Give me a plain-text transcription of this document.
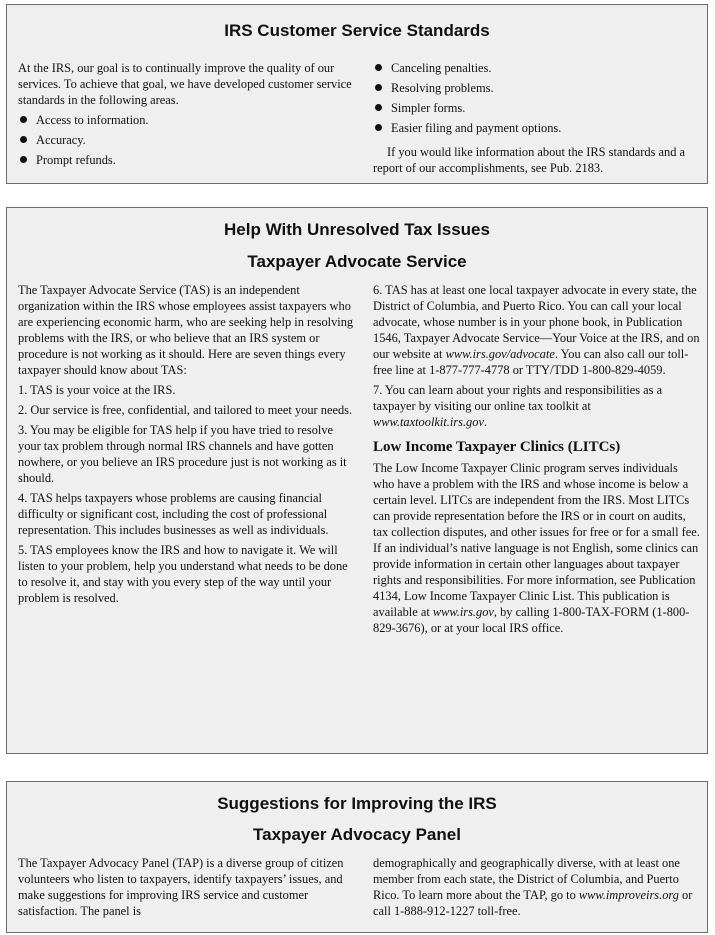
IRS Customer Service Standards

At the IRS, our goal is to continually improve the quality of our services. To achieve that goal, we have developed customer service standards in the following areas.

Access to information.
Accuracy.
Prompt refunds.
Canceling penalties.
Resolving problems.
Simpler forms.
Easier filing and payment options.

If you would like information about the IRS standards and a report of our accomplishments, see Pub. 2183.

Help With Unresolved Tax Issues
Taxpayer Advocate Service

The Taxpayer Advocate Service (TAS) is an independent organization within the IRS whose employees assist taxpayers who are experiencing economic harm, who are seeking help in resolving problems with the IRS, or who believe that an IRS system or procedure is not working as it should. Here are seven things every taxpayer should know about TAS:

1. TAS is your voice at the IRS.

2. Our service is free, confidential, and tailored to meet your needs.

3. You may be eligible for TAS help if you have tried to resolve your tax problem through normal IRS channels and have gotten nowhere, or you believe an IRS procedure just is not working as it should.

4. TAS helps taxpayers whose problems are causing financial difficulty or significant cost, including the cost of professional representation. This includes businesses as well as individuals.

5. TAS employees know the IRS and how to navigate it. We will listen to your problem, help you understand what needs to be done to resolve it, and stay with you every step of the way until your problem is resolved.

6. TAS has at least one local taxpayer advocate in every state, the District of Columbia, and Puerto Rico. You can call your local advocate, whose number is in your phone book, in Publication 1546, Taxpayer Advocate Service—Your Voice at the IRS, and on our website at www.irs.gov/advocate. You can also call our toll-free line at 1-877-777-4778 or TTY/TDD 1-800-829-4059.

7. You can learn about your rights and responsibilities as a taxpayer by visiting our online tax toolkit at www.taxtoolkit.irs.gov.

Low Income Taxpayer Clinics (LITCs)

The Low Income Taxpayer Clinic program serves individuals who have a problem with the IRS and whose income is below a certain level. LITCs are independent from the IRS. Most LITCs can provide representation before the IRS or in court on audits, tax collection disputes, and other issues for free or for a small fee. If an individual’s native language is not English, some clinics can provide information in certain other languages about taxpayer rights and responsibilities. For more information, see Publication 4134, Low Income Taxpayer Clinic List. This publication is available at www.irs.gov, by calling 1-800-TAX-FORM (1-800-829-3676), or at your local IRS office.

Suggestions for Improving the IRS
Taxpayer Advocacy Panel

The Taxpayer Advocacy Panel (TAP) is a diverse group of citizen volunteers who listen to taxpayers, identify taxpayers’ issues, and make suggestions for improving IRS service and customer satisfaction. The panel is

demographically and geographically diverse, with at least one member from each state, the District of Columbia, and Puerto Rico. To learn more about the TAP, go to www.improveirs.org or call 1-888-912-1227 toll-free.
